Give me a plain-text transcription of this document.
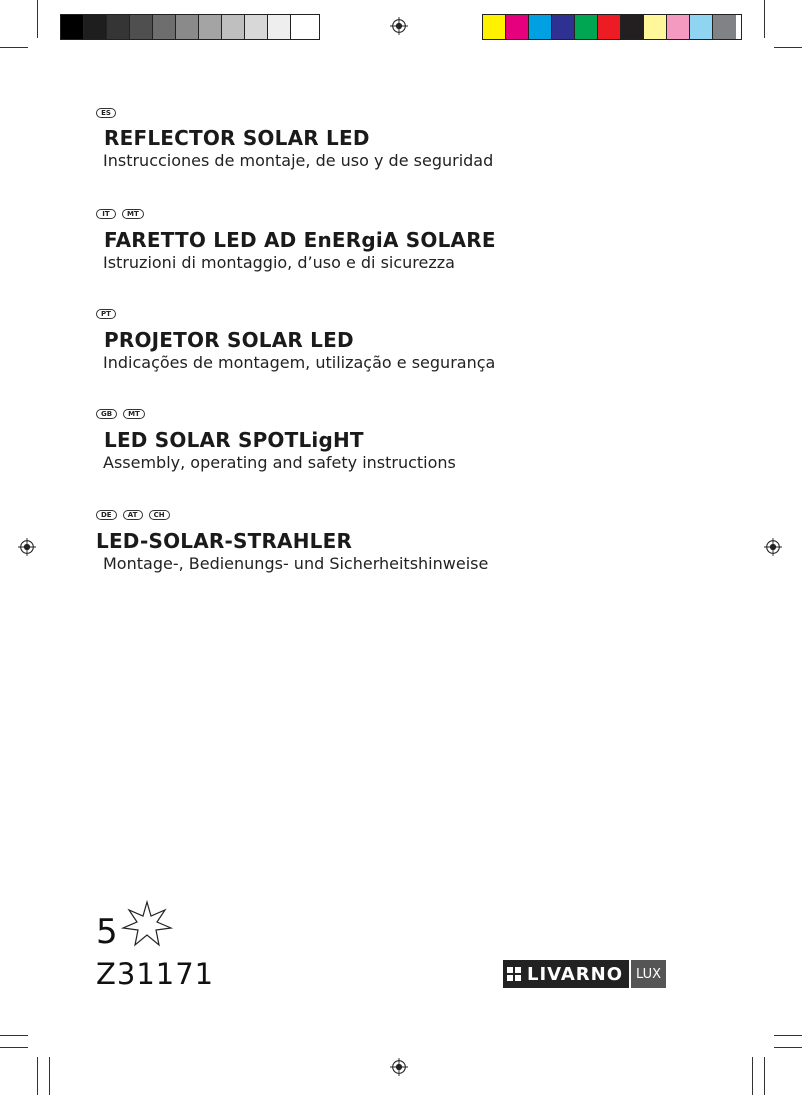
ES
REFLECTOR SOLAR LED
Instrucciones de montaje, de uso y de seguridad
IT	MT
FARETTO LED AD EnERgiA SOLARE
Istruzioni di montaggio, d’uso e di sicurezza
PT
PROJETOR SOLAR LED
Indicações de montagem, utilização e segurança
GB	MT
LED SOLAR SPOTLigHT
Assembly, operating and safety instructions
DE	AT	CH
LED-SOLAR-STRAHLER
Montage-, Bedienungs- und Sicherheitshinweise
5
Z31171	LIVARNO LUX
